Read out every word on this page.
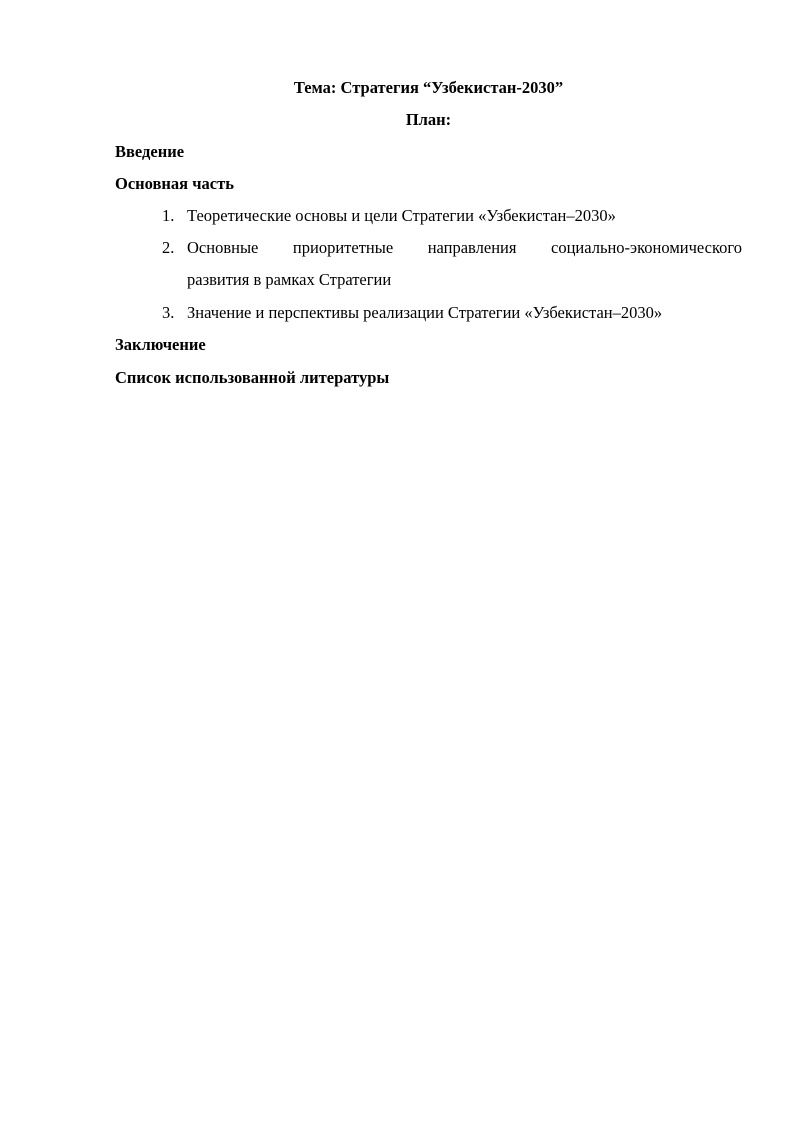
Тема: Стратегия “Узбекистан-2030”
План:
Введение
Основная часть
1. Теоретические основы и цели Стратегии «Узбекистан–2030»
2. Основные приоритетные направления социально-экономического
развития в рамках Стратегии
3. Значение и перспективы реализации Стратегии «Узбекистан–2030»
Заключение
Список использованной литературы
